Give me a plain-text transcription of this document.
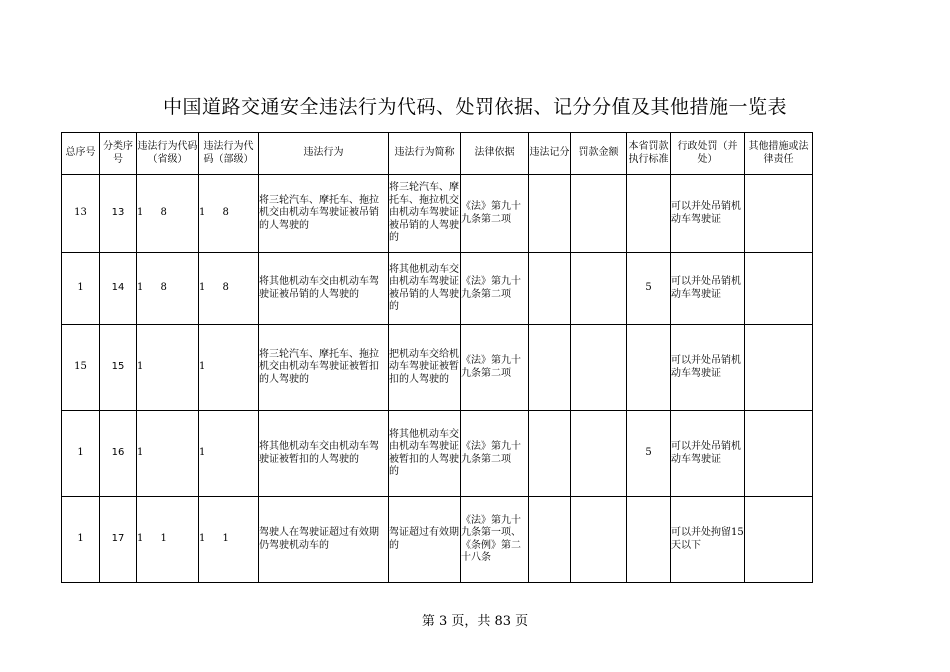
中国道路交通安全违法行为代码、处罚依据、记分分值及其他措施一览表
总序号	分类序号	违法行为代码（省级）	违法行为代码（部级）	违法行为	违法行为简称	法律依据	违法记分	罚款金额	本省罚款执行标准	行政处罚（并处）	其他措施或法律责任
13	13	1 8	1 8	将三轮汽车、摩托车、拖拉机交由机动车驾驶证被吊销的人驾驶的	将三轮汽车、摩托车、拖拉机交由机动车驾驶证被吊销的人驾驶的	《法》第九十九条第二项				可以并处吊销机动车驾驶证	
1	14	1 8	1 8	将其他机动车交由机动车驾驶证被吊销的人驾驶的	将其他机动车交由机动车驾驶证被吊销的人驾驶的	《法》第九十九条第二项			5	可以并处吊销机动车驾驶证	
15	15	1	1	将三轮汽车、摩托车、拖拉机交由机动车驾驶证被暂扣的人驾驶的	把机动车交给机动车驾驶证被暂扣的人驾驶的	《法》第九十九条第二项				可以并处吊销机动车驾驶证	
1	16	1	1	将其他机动车交由机动车驾驶证被暂扣的人驾驶的	将其他机动车交由机动车驾驶证被暂扣的人驾驶的	《法》第九十九条第二项			5	可以并处吊销机动车驾驶证	
1	17	1 1	1 1	驾驶人在驾驶证超过有效期仍驾驶机动车的	驾证超过有效期的	《法》第九十九条第一项、《条例》第二十八条				可以并处拘留15天以下	
第 3 页，共 83 页
